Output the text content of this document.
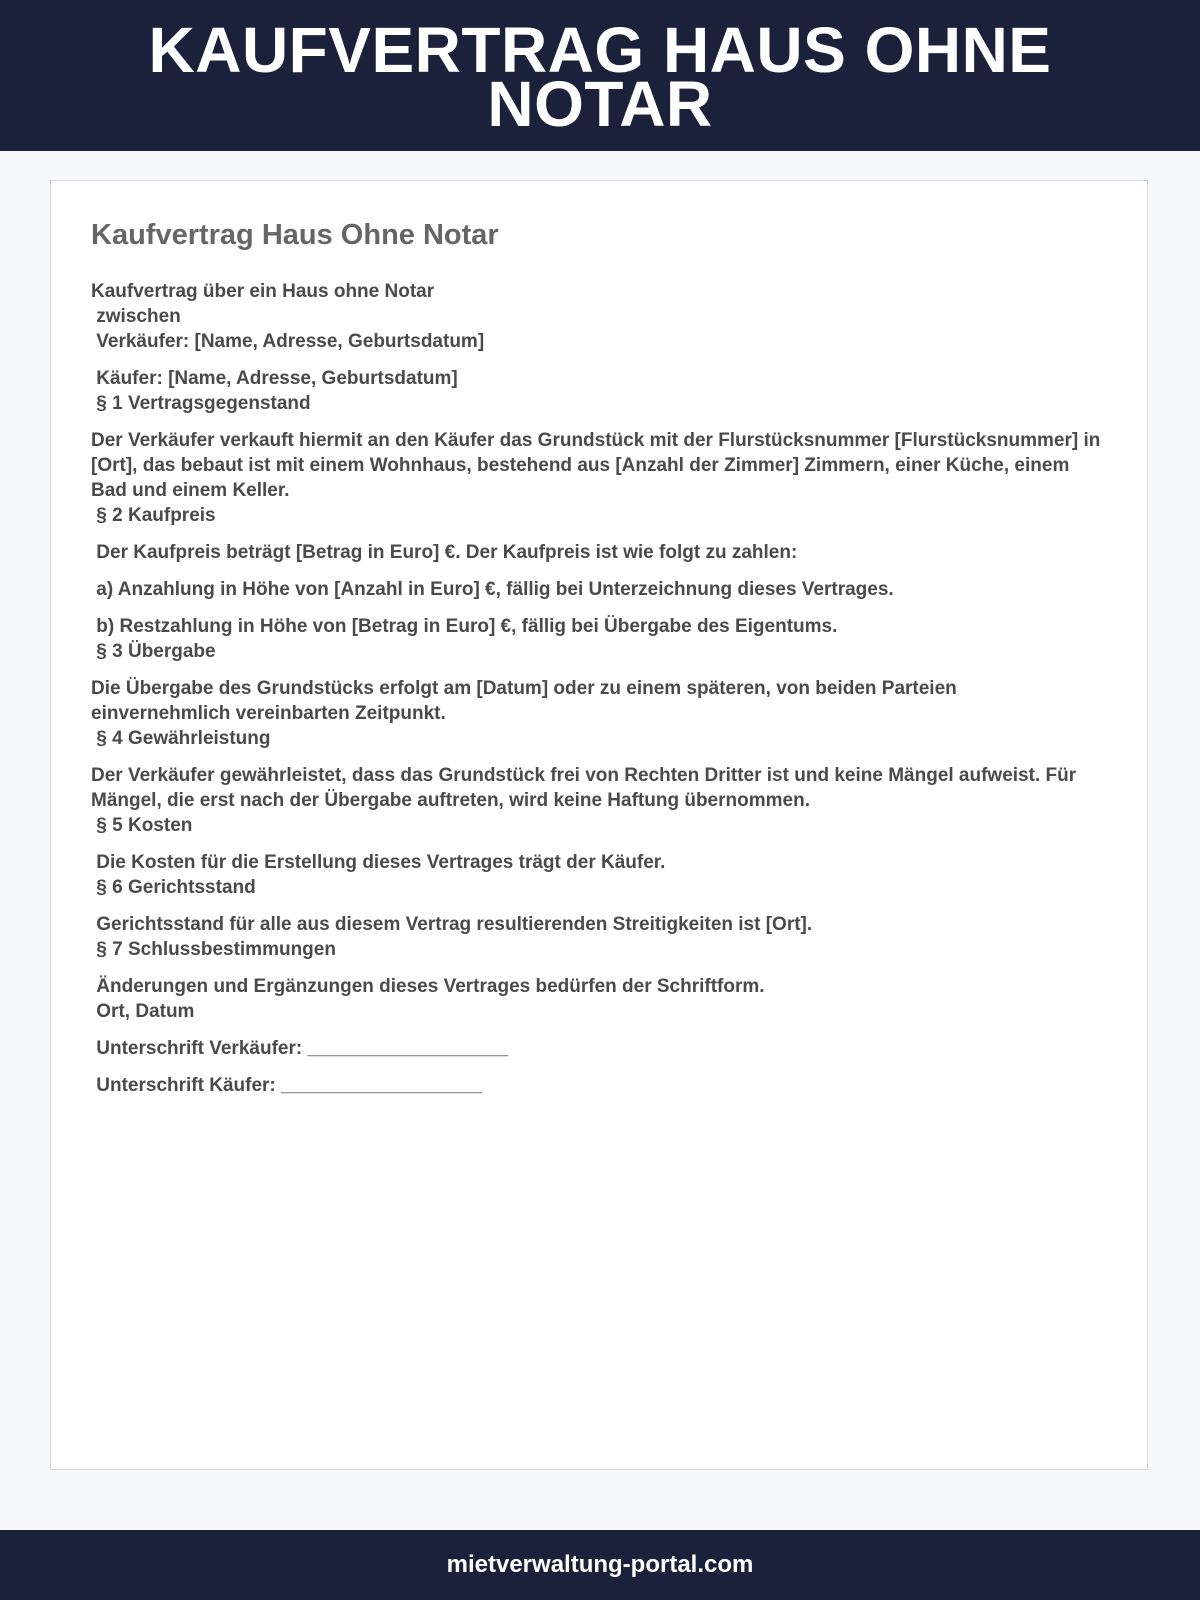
KAUFVERTRAG HAUS OHNE NOTAR
Kaufvertrag Haus Ohne Notar

Kaufvertrag über ein Haus ohne Notar

zwischen

Verkäufer: [Name, Adresse, Geburtsdatum]

Käufer: [Name, Adresse, Geburtsdatum]

§ 1 Vertragsgegenstand

Der Verkäufer verkauft hiermit an den Käufer das Grundstück mit der Flurstücksnummer [Flurstücksnummer] in [Ort], das bebaut ist mit einem Wohnhaus, bestehend aus [Anzahl der Zimmer] Zimmern, einer Küche, einem Bad und einem Keller.

§ 2 Kaufpreis

Der Kaufpreis beträgt [Betrag in Euro] €. Der Kaufpreis ist wie folgt zu zahlen:

a) Anzahlung in Höhe von [Anzahl in Euro] €, fällig bei Unterzeichnung dieses Vertrages.

b) Restzahlung in Höhe von [Betrag in Euro] €, fällig bei Übergabe des Eigentums.

§ 3 Übergabe

Die Übergabe des Grundstücks erfolgt am [Datum] oder zu einem späteren, von beiden Parteien einvernehmlich vereinbarten Zeitpunkt.

§ 4 Gewährleistung

Der Verkäufer gewährleistet, dass das Grundstück frei von Rechten Dritter ist und keine Mängel aufweist. Für Mängel, die erst nach der Übergabe auftreten, wird keine Haftung übernommen.

§ 5 Kosten

Die Kosten für die Erstellung dieses Vertrages trägt der Käufer.

§ 6 Gerichtsstand

Gerichtsstand für alle aus diesem Vertrag resultierenden Streitigkeiten ist [Ort].

§ 7 Schlussbestimmungen

Änderungen und Ergänzungen dieses Vertrages bedürfen der Schriftform.

Ort, Datum

Unterschrift Verkäufer: ___________________

Unterschrift Käufer: ___________________

mietverwaltung-portal.com
